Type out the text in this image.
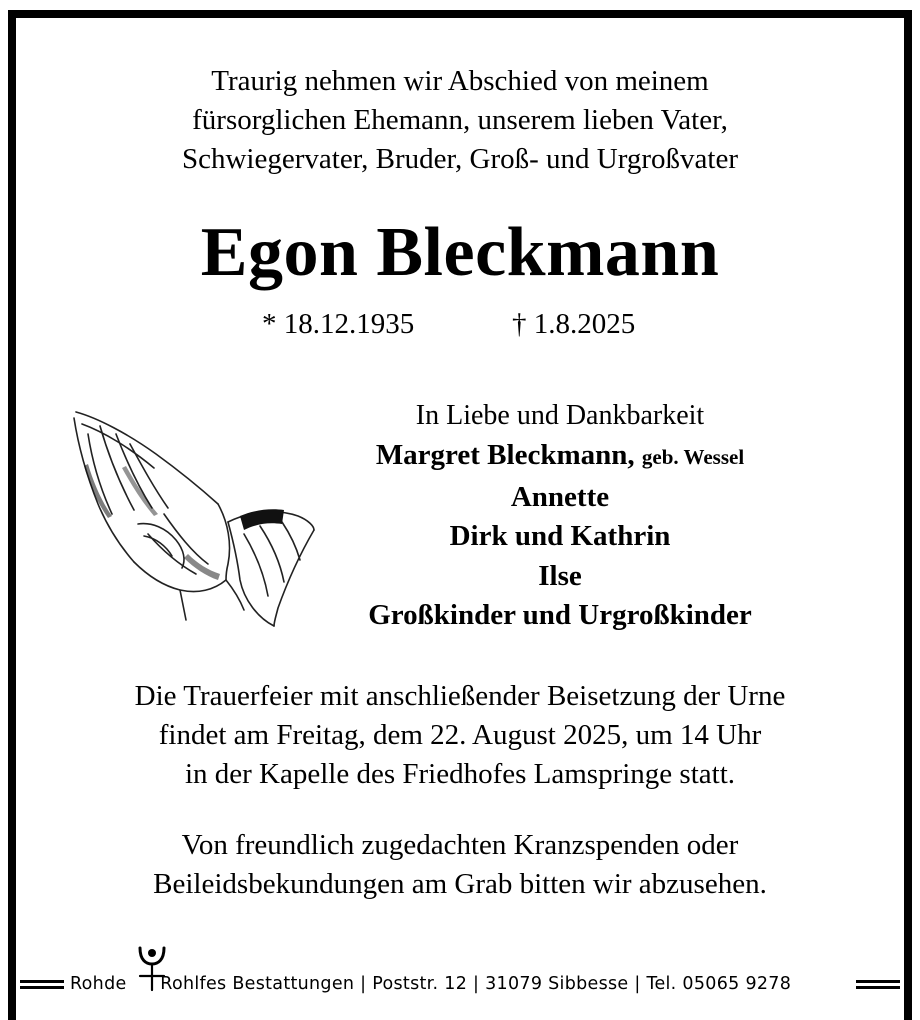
Traurig nehmen wir Abschied von meinem
fürsorglichen Ehemann, unserem lieben Vater,
Schwiegervater, Bruder, Groß- und Urgroßvater
Egon Bleckmann
* 18.12.1935	† 1.8.2025
In Liebe und Dankbarkeit
Margret Bleckmann, geb. Wessel
Annette
Dirk und Kathrin
Ilse
Großkinder und Urgroßkinder
Die Trauerfeier mit anschließender Beisetzung der Urne
findet am Freitag, dem 22. August 2025, um 14 Uhr
in der Kapelle des Friedhofes Lamspringe statt.
Von freundlich zugedachten Kranzspenden oder
Beileidsbekundungen am Grab bitten wir abzusehen.
Rohde Rohlfes Bestattungen | Poststr. 12 | 31079 Sibbesse | Tel. 05065 9278
